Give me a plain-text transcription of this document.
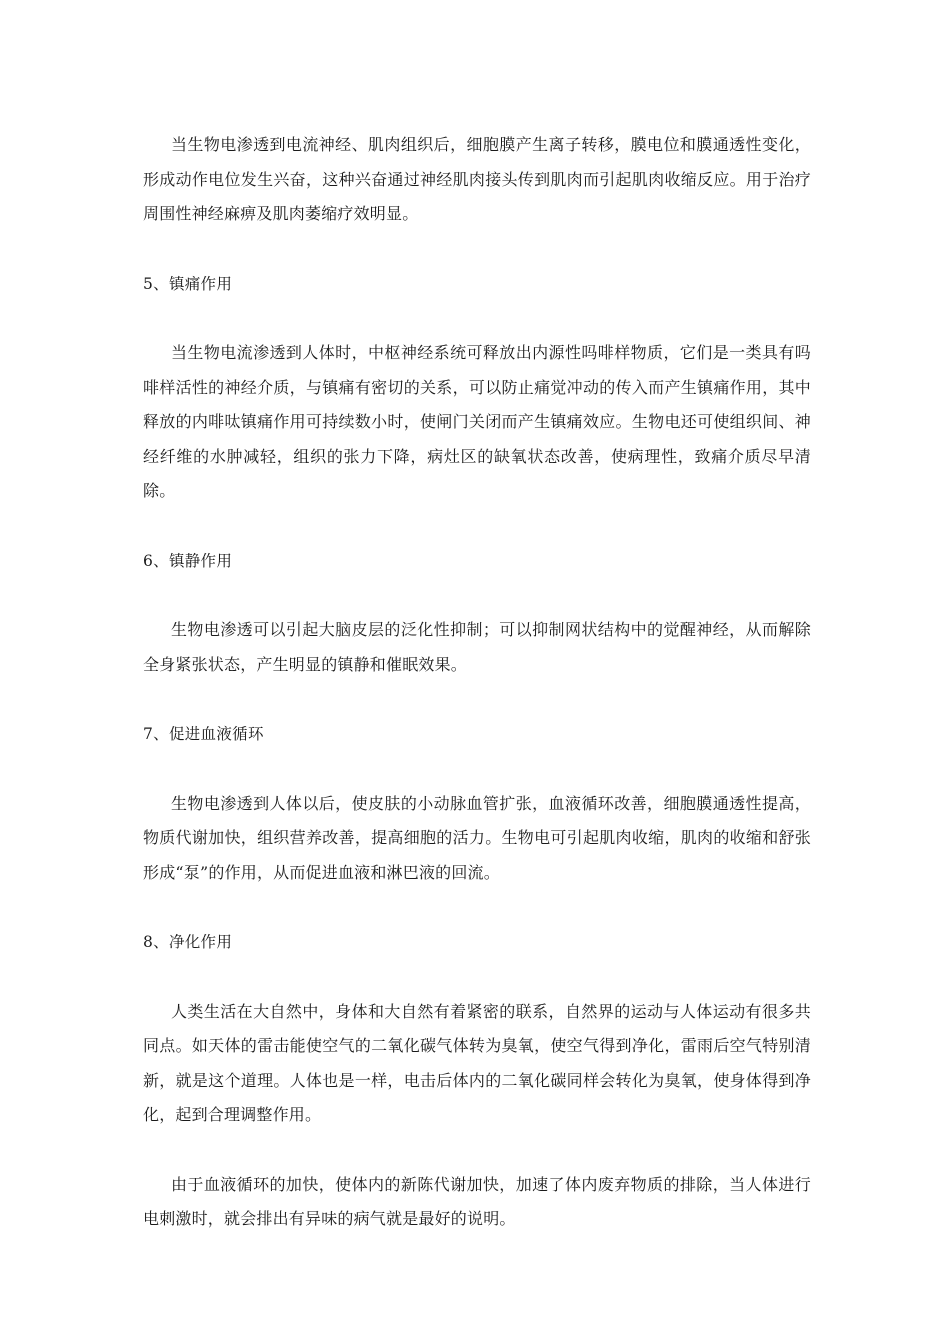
当生物电渗透到电流神经、肌肉组织后，细胞膜产生离子转移，膜电位和膜通透性变化，形成动作电位发生兴奋，这种兴奋通过神经肌肉接头传到肌肉而引起肌肉收缩反应。用于治疗周围性神经麻痹及肌肉萎缩疗效明显。

5、镇痛作用

当生物电流渗透到人体时，中枢神经系统可释放出内源性吗啡样物质，它们是一类具有吗啡样活性的神经介质，与镇痛有密切的关系，可以防止痛觉冲动的传入而产生镇痛作用，其中释放的内啡呔镇痛作用可持续数小时，使闸门关闭而产生镇痛效应。生物电还可使组织间、神经纤维的水肿减轻，组织的张力下降，病灶区的缺氧状态改善，使病理性，致痛介质尽早清除。

6、镇静作用

生物电渗透可以引起大脑皮层的泛化性抑制；可以抑制网状结构中的觉醒神经，从而解除全身紧张状态，产生明显的镇静和催眠效果。

7、促进血液循环

生物电渗透到人体以后，使皮肤的小动脉血管扩张，血液循环改善，细胞膜通透性提高，物质代谢加快，组织营养改善，提高细胞的活力。生物电可引起肌肉收缩，肌肉的收缩和舒张形成“泵”的作用，从而促进血液和淋巴液的回流。

8、净化作用

人类生活在大自然中，身体和大自然有着紧密的联系，自然界的运动与人体运动有很多共同点。如天体的雷击能使空气的二氧化碳气体转为臭氧，使空气得到净化，雷雨后空气特别清新，就是这个道理。人体也是一样，电击后体内的二氧化碳同样会转化为臭氧，使身体得到净化，起到合理调整作用。

由于血液循环的加快，使体内的新陈代谢加快，加速了体内废弃物质的排除，当人体进行电刺激时，就会排出有异味的病气就是最好的说明。
